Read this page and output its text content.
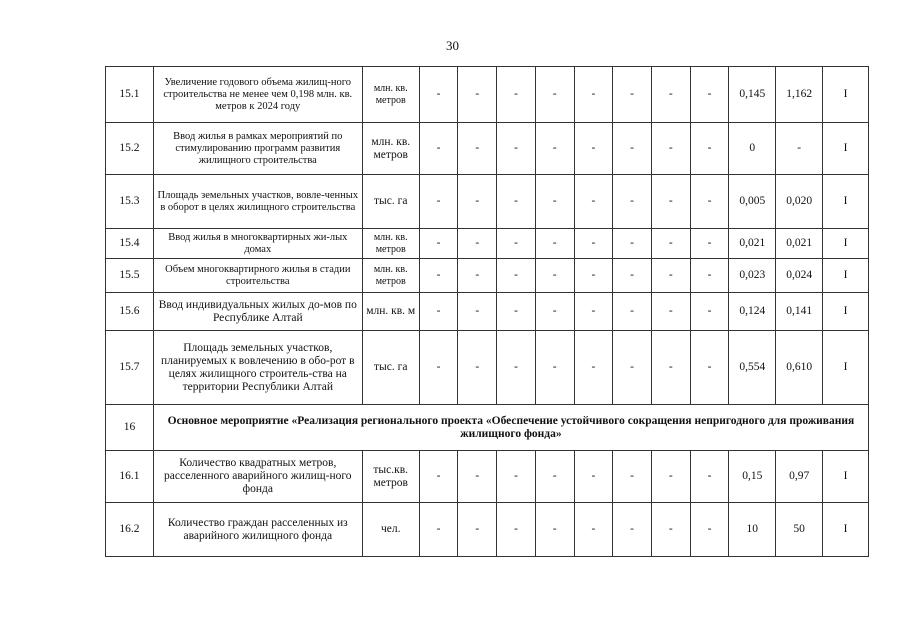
30
15.1	Увеличение годового объема жилищ-ного строительства не менее чем 0,198 млн. кв. метров к 2024 году	млн. кв. метров	-	-	-	-	-	-	-	-	0,145	1,162	I
15.2	Ввод жилья в рамках мероприятий по стимулированию программ развития жилищного строительства	млн. кв. метров	-	-	-	-	-	-	-	-	0	-	I
15.3	Площадь земельных участков, вовле-ченных в оборот в целях жилищного строительства	тыс. га	-	-	-	-	-	-	-	-	0,005	0,020	I
15.4	Ввод жилья в многоквартирных жи-лых домах	млн. кв. метров	-	-	-	-	-	-	-	-	0,021	0,021	I
15.5	Объем многоквартирного жилья в стадии строительства	млн. кв. метров	-	-	-	-	-	-	-	-	0,023	0,024	I
15.6	Ввод индивидуальных жилых до-мов по Республике Алтай	млн. кв. м	-	-	-	-	-	-	-	-	0,124	0,141	I
15.7	Площадь земельных участков, планируемых к вовлечению в обо-рот в целях жилищного строитель-ства на территории Республики Алтай	тыс. га	-	-	-	-	-	-	-	-	0,554	0,610	I
16	Основное мероприятие «Реализация регионального проекта «Обеспечение устойчивого сокращения непригодного для проживания жилищного фонда»												
16.1	Количество квадратных метров, расселенного аварийного жилищ-ного фонда	тыс.кв. метров	-	-	-	-	-	-	-	-	0,15	0,97	I
16.2	Количество граждан расселенных из аварийного жилищного фонда	чел.	-	-	-	-	-	-	-	-	10	50	I
